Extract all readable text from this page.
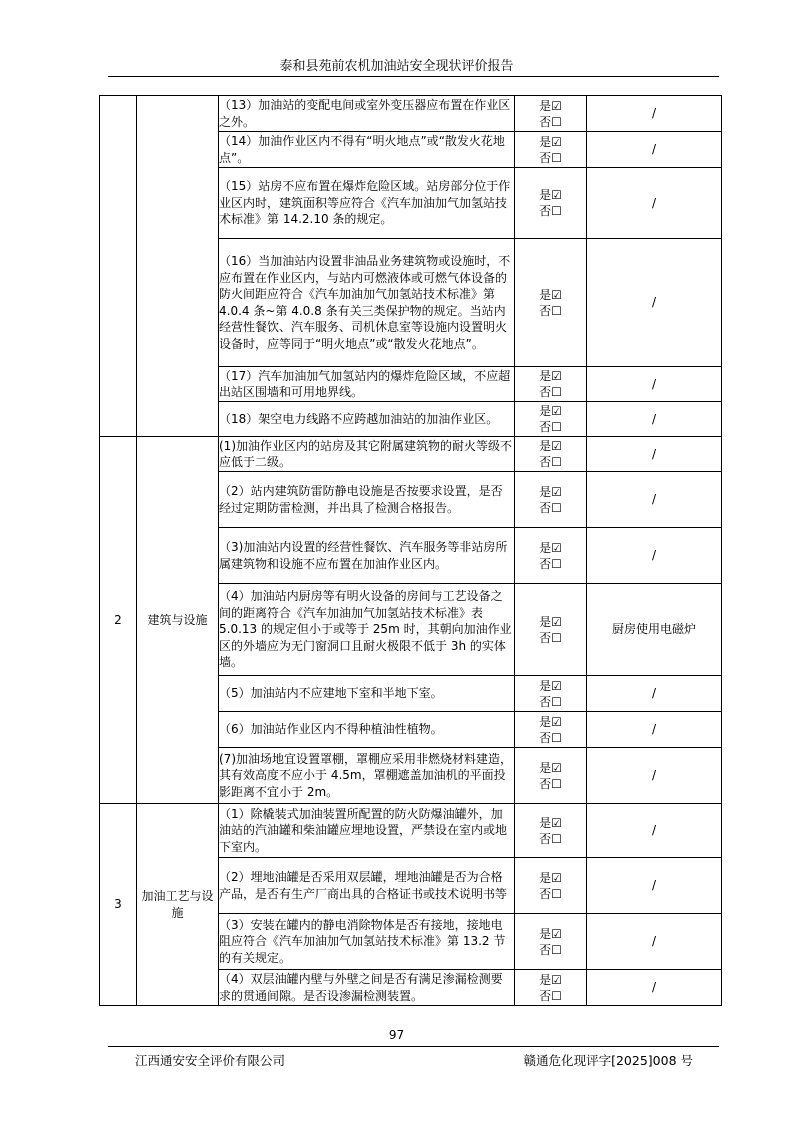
泰和县苑前农机加油站安全现状评价报告
		（13）加油站的变配电间或室外变压器应布置在作业区之外。	是☑
否☐	/
		（14）加油作业区内不得有“明火地点”或“散发火花地点”。	是☑
否☐	/
		（15）站房不应布置在爆炸危险区域。站房部分位于作业区内时，建筑面积等应符合《汽车加油加气加氢站技术标准》第 14.2.10 条的规定。	是☑
否☐	/
		（16）当加油站内设置非油品业务建筑物或设施时，不应布置在作业区内，与站内可燃液体或可燃气体设备的防火间距应符合《汽车加油加气加氢站技术标准》第 4.0.4 条~第 4.0.8 条有关三类保护物的规定。当站内经营性餐饮、汽车服务、司机休息室等设施内设置明火设备时，应等同于“明火地点”或“散发火花地点”。	是☑
否☐	/
		（17）汽车加油加气加氢站内的爆炸危险区域，不应超出站区围墙和可用地界线。	是☑
否☐	/
		（18）架空电力线路不应跨越加油站的加油作业区。	是☑
否☐	/
2	建筑与设施	(1)加油作业区内的站房及其它附属建筑物的耐火等级不应低于二级。	是☑
否☐	/
		（2）站内建筑防雷防静电设施是否按要求设置，是否经过定期防雷检测，并出具了检测合格报告。	是☑
否☐	/
		（3)加油站内设置的经营性餐饮、汽车服务等非站房所属建筑物和设施不应布置在加油作业区内。	是☑
否☐	/
		（4）加油站内厨房等有明火设备的房间与工艺设备之间的距离符合《汽车加油加气加氢站技术标准》表 5.0.13 的规定但小于或等于 25m 时，其朝向加油作业区的外墙应为无门窗洞口且耐火极限不低于 3h 的实体墙。	是☑
否☐	厨房使用电磁炉
		（5）加油站内不应建地下室和半地下室。	是☑
否☐	/
		（6）加油站作业区内不得种植油性植物。	是☑
否☐	/
		(7)加油场地宜设置罩棚，罩棚应采用非燃烧材料建造，其有效高度不应小于 4.5m，罩棚遮盖加油机的平面投影距离不宜小于 2m。	是☑
否☐	/
3	加油工艺与设施	（1）除橇装式加油装置所配置的防火防爆油罐外，加油站的汽油罐和柴油罐应埋地设置，严禁设在室内或地下室内。	是☑
否☐	/
		（2）埋地油罐是否采用双层罐，埋地油罐是否为合格产品，是否有生产厂商出具的合格证书或技术说明书等	是☑
否☐	/
		（3）安装在罐内的静电消除物体是否有接地，接地电阻应符合《汽车加油加气加氢站技术标准》第 13.2 节的有关规定。	是☑
否☐	/
		（4）双层油罐内壁与外壁之间是否有满足渗漏检测要求的贯通间隙。是否设渗漏检测装置。	是☑
否☐	/
97
江西通安安全评价有限公司	赣通危化现评字[2025]008 号
